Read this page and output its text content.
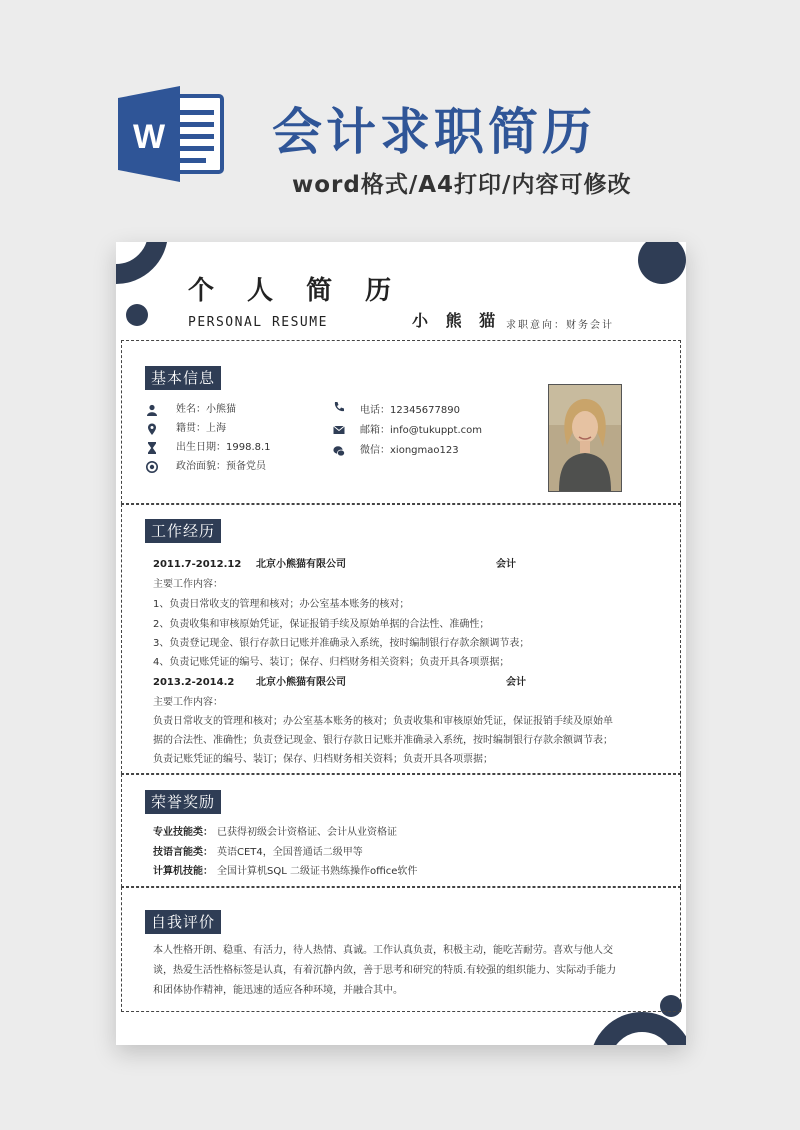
W 会计求职简历
word格式/A4打印/内容可修改
个 人 简 历
PERSONAL RESUME	小 熊 猫 求职意向：财务会计
基本信息
姓名：小熊猫
籍贯：上海
出生日期：1998.8.1
政治面貌：预备党员
电话：12345677890
邮箱：info@tukuppt.com
微信：xiongmao123
工作经历
2011.7-2012.12 北京小熊猫有限公司	会计
主要工作内容：
1、负责日常收支的管理和核对；办公室基本账务的核对；
2、负责收集和审核原始凭证，保证报销手续及原始单据的合法性、准确性；
3、负责登记现金、银行存款日记账并准确录入系统，按时编制银行存款余额调节表；
4、负责记账凭证的编号、装订；保存、归档财务相关资料；负责开具各项票据；
2013.2-2014.2 北京小熊猫有限公司	会计
主要工作内容：
负责日常收支的管理和核对；办公室基本账务的核对；负责收集和审核原始凭证，保证报销手续及原始单
据的合法性、准确性；负责登记现金、银行存款日记账并准确录入系统，按时编制银行存款余额调节表；
负责记账凭证的编号、装订；保存、归档财务相关资料；负责开具各项票据；
荣誉奖励
专业技能类： 已获得初级会计资格证、会计从业资格证
技语言能类： 英语CET4，全国普通话二级甲等
计算机技能： 全国计算机SQL 二级证书熟练操作office软件
自我评价
本人性格开朗、稳重、有活力，待人热情、真诚。工作认真负责，积极主动，能吃苦耐劳。喜欢与他人交
谈，热爱生活性格标签是认真，有着沉静内敛，善于思考和研究的特质.有较强的组织能力、实际动手能力
和团体协作精神，能迅速的适应各种环境，并融合其中。
